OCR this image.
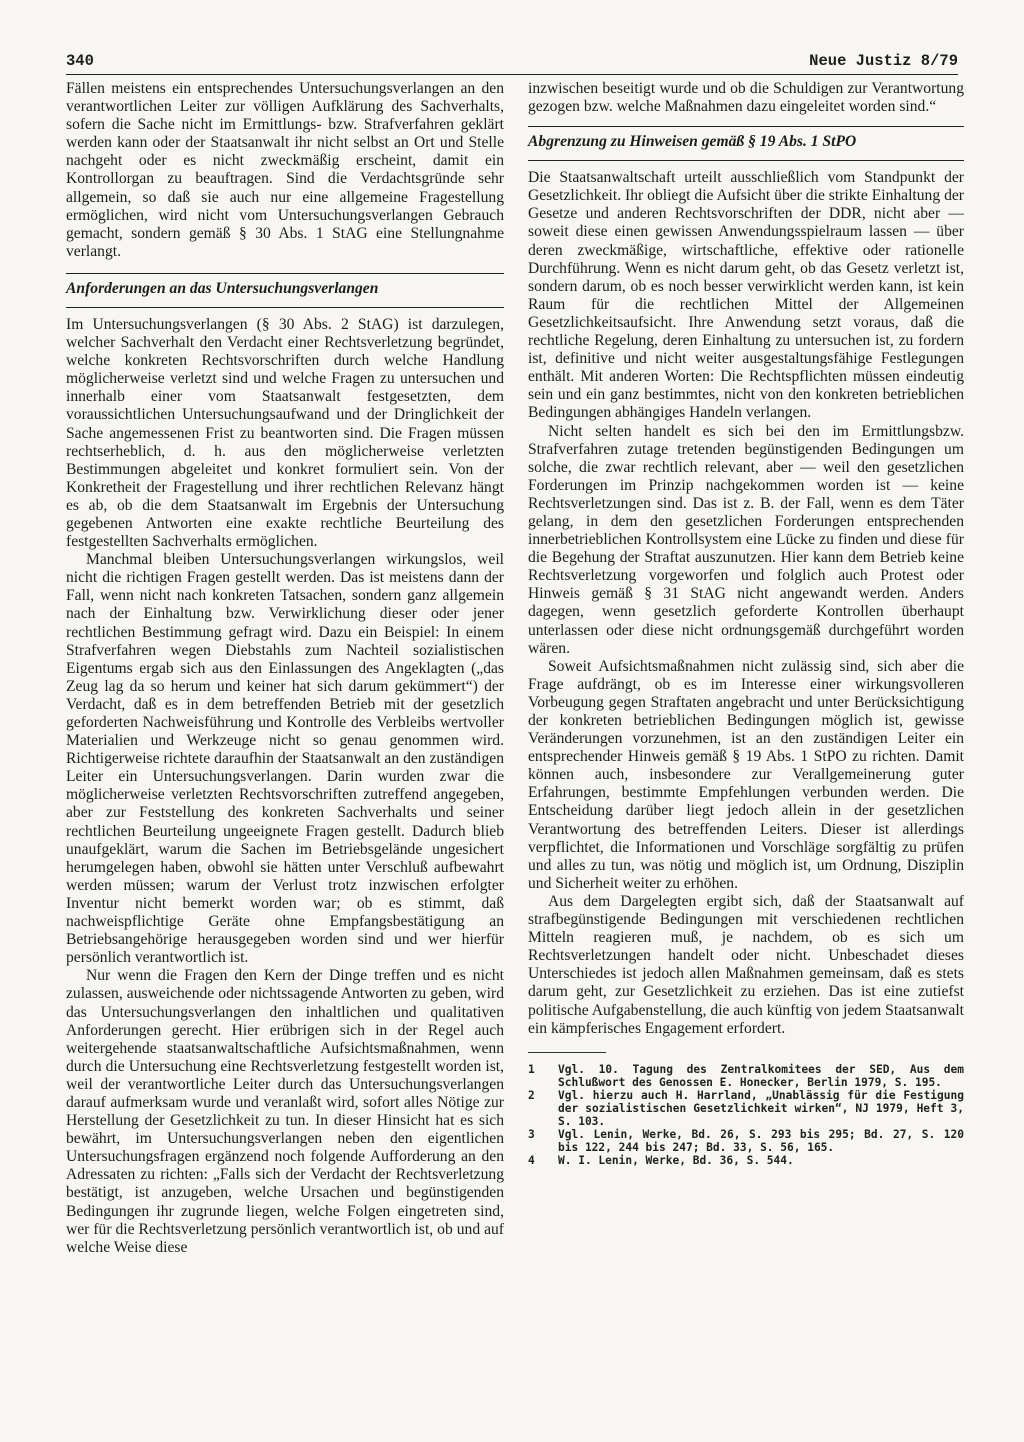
340	Neue Justiz 8/79

Fällen meistens ein entsprechendes Untersuchungsverlangen an den verantwortlichen Leiter zur völligen Aufklärung des Sachverhalts, sofern die Sache nicht im Ermittlungs- bzw. Strafverfahren geklärt werden kann oder der Staatsanwalt ihr nicht selbst an Ort und Stelle nachgeht oder es nicht zweckmäßig erscheint, damit ein Kontrollorgan zu beauftragen. Sind die Verdachtsgründe sehr allgemein, so daß sie auch nur eine allgemeine Fragestellung ermöglichen, wird nicht vom Untersuchungsverlangen Gebrauch gemacht, sondern gemäß § 30 Abs. 1 StAG eine Stellungnahme verlangt.

Anforderungen an das Untersuchungsverlangen

Im Untersuchungsverlangen (§ 30 Abs. 2 StAG) ist darzulegen, welcher Sachverhalt den Verdacht einer Rechtsverletzung begründet, welche konkreten Rechtsvorschriften durch welche Handlung möglicherweise verletzt sind und welche Fragen zu untersuchen und innerhalb einer vom Staatsanwalt festgesetzten, dem voraussichtlichen Untersuchungsaufwand und der Dringlichkeit der Sache angemessenen Frist zu beantworten sind. Die Fragen müssen rechtserheblich, d. h. aus den möglicherweise verletzten Bestimmungen abgeleitet und konkret formuliert sein. Von der Konkretheit der Fragestellung und ihrer rechtlichen Relevanz hängt es ab, ob die dem Staatsanwalt im Ergebnis der Untersuchung gegebenen Antworten eine exakte rechtliche Beurteilung des festgestellten Sachverhalts ermöglichen.

Manchmal bleiben Untersuchungsverlangen wirkungslos, weil nicht die richtigen Fragen gestellt werden. Das ist meistens dann der Fall, wenn nicht nach konkreten Tatsachen, sondern ganz allgemein nach der Einhaltung bzw. Verwirklichung dieser oder jener rechtlichen Bestimmung gefragt wird. Dazu ein Beispiel: In einem Strafverfahren wegen Diebstahls zum Nachteil sozialistischen Eigentums ergab sich aus den Einlassungen des Angeklagten („das Zeug lag da so herum und keiner hat sich darum gekümmert“) der Verdacht, daß es in dem betreffenden Betrieb mit der gesetzlich geforderten Nachweisführung und Kontrolle des Verbleibs wertvoller Materialien und Werkzeuge nicht so genau genommen wird. Richtigerweise richtete daraufhin der Staatsanwalt an den zuständigen Leiter ein Untersuchungsverlangen. Darin wurden zwar die möglicherweise verletzten Rechtsvorschriften zutreffend angegeben, aber zur Feststellung des konkreten Sachverhalts und seiner rechtlichen Beurteilung ungeeignete Fragen gestellt. Dadurch blieb unaufgeklärt, warum die Sachen im Betriebsgelände ungesichert herumgelegen haben, obwohl sie hätten unter Verschluß aufbewahrt werden müssen; warum der Verlust trotz inzwischen erfolgter Inventur nicht bemerkt worden war; ob es stimmt, daß nachweispflichtige Geräte ohne Empfangsbestätigung an Betriebsangehörige herausgegeben worden sind und wer hierfür persönlich verantwortlich ist.

Nur wenn die Fragen den Kern der Dinge treffen und es nicht zulassen, ausweichende oder nichtssagende Antworten zu geben, wird das Untersuchungsverlangen den inhaltlichen und qualitativen Anforderungen gerecht. Hier erübrigen sich in der Regel auch weitergehende staatsanwaltschaftliche Aufsichtsmaßnahmen, wenn durch die Untersuchung eine Rechtsverletzung festgestellt worden ist, weil der verantwortliche Leiter durch das Untersuchungsverlangen darauf aufmerksam wurde und veranlaßt wird, sofort alles Nötige zur Herstellung der Gesetzlichkeit zu tun. In dieser Hinsicht hat es sich bewährt, im Untersuchungsverlangen neben den eigentlichen Untersuchungsfragen ergänzend noch folgende Aufforderung an den Adressaten zu richten: „Falls sich der Verdacht der Rechtsverletzung bestätigt, ist anzugeben, welche Ursachen und begünstigenden Bedingungen ihr zugrunde liegen, welche Folgen eingetreten sind, wer für die Rechtsverletzung persönlich verantwortlich ist, ob und auf welche Weise diese

inzwischen beseitigt wurde und ob die Schuldigen zur Verantwortung gezogen bzw. welche Maßnahmen dazu eingeleitet worden sind.“

Abgrenzung zu Hinweisen gemäß § 19 Abs. 1 StPO

Die Staatsanwaltschaft urteilt ausschließlich vom Standpunkt der Gesetzlichkeit. Ihr obliegt die Aufsicht über die strikte Einhaltung der Gesetze und anderen Rechtsvorschriften der DDR, nicht aber — soweit diese einen gewissen Anwendungsspielraum lassen — über deren zweckmäßige, wirtschaftliche, effektive oder rationelle Durchführung. Wenn es nicht darum geht, ob das Gesetz verletzt ist, sondern darum, ob es noch besser verwirklicht werden kann, ist kein Raum für die rechtlichen Mittel der Allgemeinen Gesetzlichkeitsaufsicht. Ihre Anwendung setzt voraus, daß die rechtliche Regelung, deren Einhaltung zu untersuchen ist, zu fordern ist, definitive und nicht weiter ausgestaltungsfähige Festlegungen enthält. Mit anderen Worten: Die Rechtspflichten müssen eindeutig sein und ein ganz bestimmtes, nicht von den konkreten betrieblichen Bedingungen abhängiges Handeln verlangen.

Nicht selten handelt es sich bei den im Ermittlungsbzw. Strafverfahren zutage tretenden begünstigenden Bedingungen um solche, die zwar rechtlich relevant, aber — weil den gesetzlichen Forderungen im Prinzip nachgekommen worden ist — keine Rechtsverletzungen sind. Das ist z. B. der Fall, wenn es dem Täter gelang, in dem den gesetzlichen Forderungen entsprechenden innerbetrieblichen Kontrollsystem eine Lücke zu finden und diese für die Begehung der Straftat auszunutzen. Hier kann dem Betrieb keine Rechtsverletzung vorgeworfen und folglich auch Protest oder Hinweis gemäß § 31 StAG nicht angewandt werden. Anders dagegen, wenn gesetzlich geforderte Kontrollen überhaupt unterlassen oder diese nicht ordnungsgemäß durchgeführt worden wären.

Soweit Aufsichtsmaßnahmen nicht zulässig sind, sich aber die Frage aufdrängt, ob es im Interesse einer wirkungsvolleren Vorbeugung gegen Straftaten angebracht und unter Berücksichtigung der konkreten betrieblichen Bedingungen möglich ist, gewisse Veränderungen vorzunehmen, ist an den zuständigen Leiter ein entsprechender Hinweis gemäß § 19 Abs. 1 StPO zu richten. Damit können auch, insbesondere zur Verallgemeinerung guter Erfahrungen, bestimmte Empfehlungen verbunden werden. Die Entscheidung darüber liegt jedoch allein in der gesetzlichen Verantwortung des betreffenden Leiters. Dieser ist allerdings verpflichtet, die Informationen und Vorschläge sorgfältig zu prüfen und alles zu tun, was nötig und möglich ist, um Ordnung, Disziplin und Sicherheit weiter zu erhöhen.

Aus dem Dargelegten ergibt sich, daß der Staatsanwalt auf strafbegünstigende Bedingungen mit verschiedenen rechtlichen Mitteln reagieren muß, je nachdem, ob es sich um Rechtsverletzungen handelt oder nicht. Unbeschadet dieses Unterschiedes ist jedoch allen Maßnahmen gemeinsam, daß es stets darum geht, zur Gesetzlichkeit zu erziehen. Das ist eine zutiefst politische Aufgabenstellung, die auch künftig von jedem Staatsanwalt ein kämpferisches Engagement erfordert.

1 Vgl. 10. Tagung des Zentralkomitees der SED, Aus dem Schlußwort des Genossen E. Honecker, Berlin 1979, S. 195.
2 Vgl. hierzu auch H. Harrland, „Unablässig für die Festigung der sozialistischen Gesetzlichkeit wirken“, NJ 1979, Heft 3, S. 103.
3 Vgl. Lenin, Werke, Bd. 26, S. 293 bis 295; Bd. 27, S. 120 bis 122, 244 bis 247; Bd. 33, S. 56, 165.
4 W. I. Lenin, Werke, Bd. 36, S. 544.
